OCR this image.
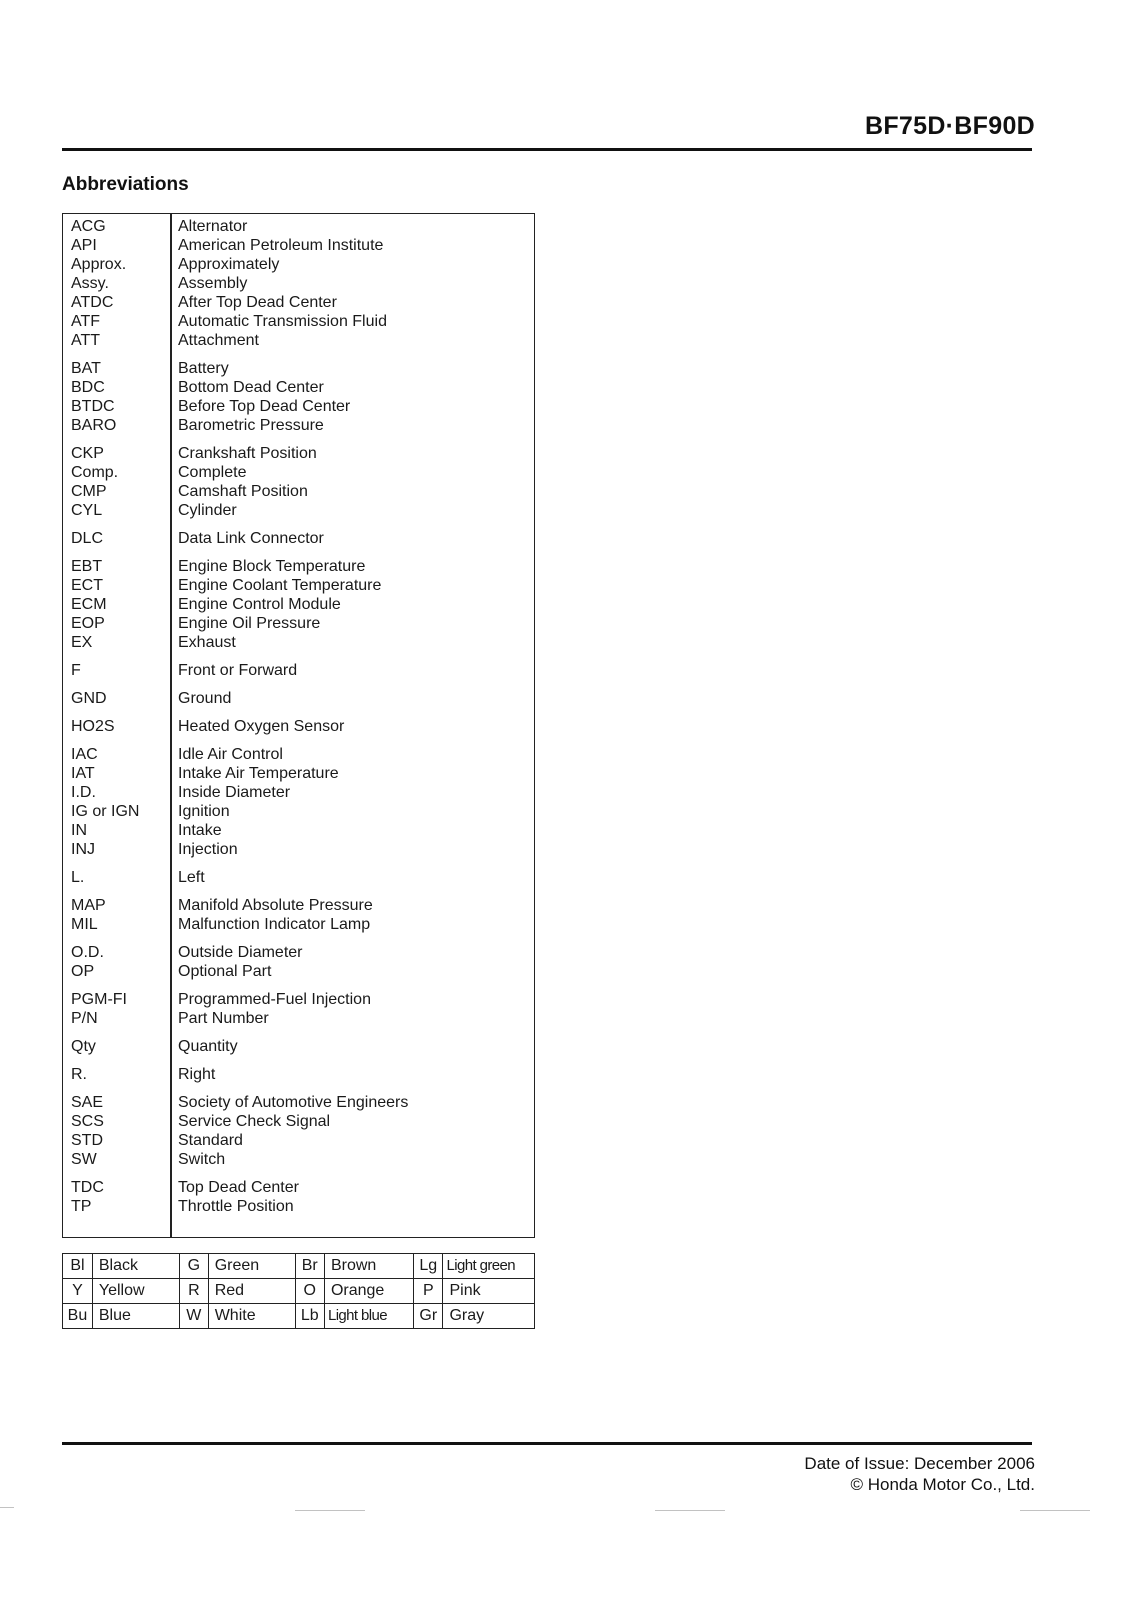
BF75D·BF90D
Abbreviations
ACG	Alternator
API	American Petroleum Institute
Approx.	Approximately
Assy.	Assembly
ATDC	After Top Dead Center
ATF	Automatic Transmission Fluid
ATT	Attachment
BAT	Battery
BDC	Bottom Dead Center
BTDC	Before Top Dead Center
BARO	Barometric Pressure
CKP	Crankshaft Position
Comp.	Complete
CMP	Camshaft Position
CYL	Cylinder
DLC	Data Link Connector
EBT	Engine Block Temperature
ECT	Engine Coolant Temperature
ECM	Engine Control Module
EOP	Engine Oil Pressure
EX	Exhaust
F	Front or Forward
GND	Ground
HO2S	Heated Oxygen Sensor
IAC	Idle Air Control
IAT	Intake Air Temperature
I.D.	Inside Diameter
IG or IGN	Ignition
IN	Intake
INJ	Injection
L.	Left
MAP	Manifold Absolute Pressure
MIL	Malfunction Indicator Lamp
O.D.	Outside Diameter
OP	Optional Part
PGM-FI	Programmed-Fuel Injection
P/N	Part Number
Qty	Quantity
R.	Right
SAE	Society of Automotive Engineers
SCS	Service Check Signal
STD	Standard
SW	Switch
TDC	Top Dead Center
TP	Throttle Position
Bl	Black	G	Green	Br	Brown	Lg	Light green
Y	Yellow	R	Red	O	Orange	P	Pink
Bu	Blue	W	White	Lb	Light blue	Gr	Gray
Date of Issue: December 2006
© Honda Motor Co., Ltd.
